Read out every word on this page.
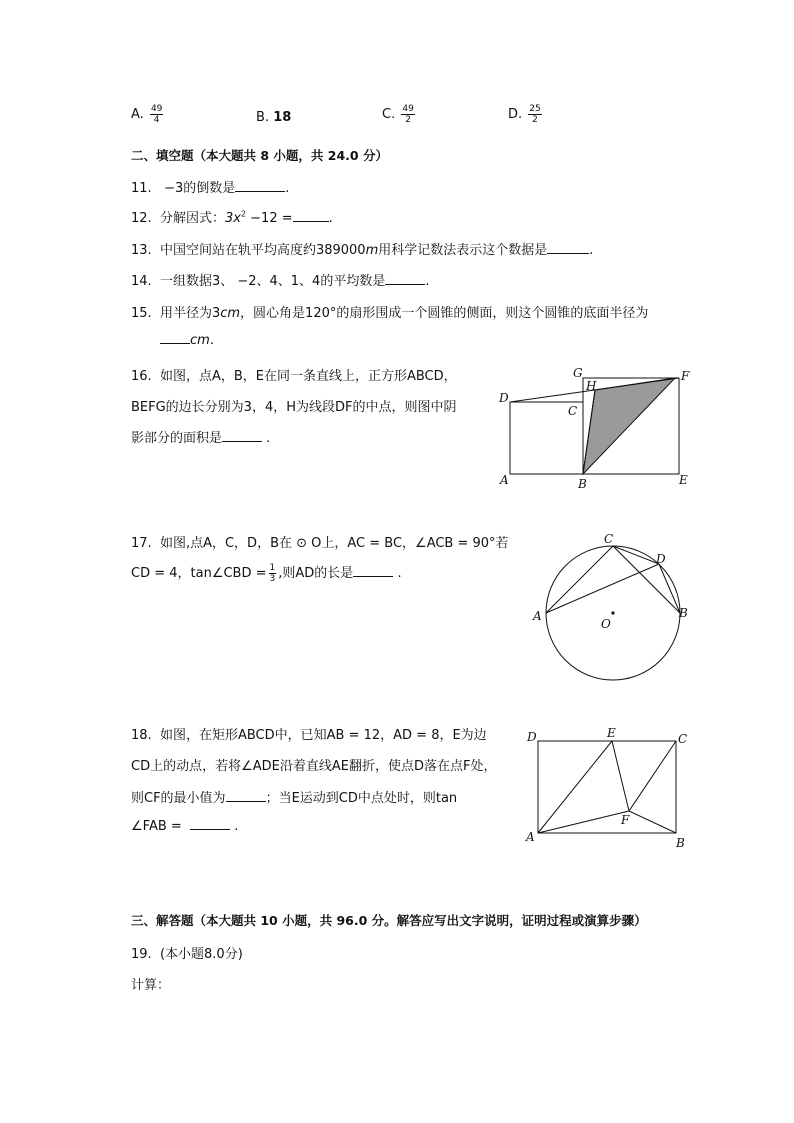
A. $\frac{49}{4}$	B. 18	C. $\frac{49}{2}$	D. $\frac{25}{2}$
二、填空题（本大题共 8 小题，共 24.0 分）
11.   −3的倒数是	.
12. 分解因式：$3x^2 -12$ =	.
13. 中国空间站在轨平均高度约389000m用科学记数法表示这个数据是	.
14. 一组数据3、 −2、4、1、4的平均数是	.
15. 用半径为3cm，圆心角是120°的扇形围成一个圆锥的侧面，则这个圆锥的底面半径为
cm.
16. 如图，点A，B，E在同一条直线上，正方形ABCD，
BEFG的边长分别为3，4，H为线段DF的中点，则图中阴
影部分的面积是	.
D
G
H
F
C
A	B	E
17. 如图,点A，C，D，B在 ⊙ O上，AC = BC，∠ACB = 90°若
CD = 4，tan∠CBD = $\frac{1}{3}$ ,则AD的长是	.
C
D
A
O
B
18. 如图，在矩形ABCD中，已知AB = 12，AD = 8，E为边
CD上的动点，若将∠ADE沿着直线AE翻折，使点D落在点F处，
则CF的最小值为	；当E运动到CD中点处时，则tan
∠FAB =	.
D	E	C
F
A	B
三、解答题（本大题共 10 小题，共 96.0 分。解答应写出文字说明，证明过程或演算步骤）
19. (本小题8.0分)
计算：
